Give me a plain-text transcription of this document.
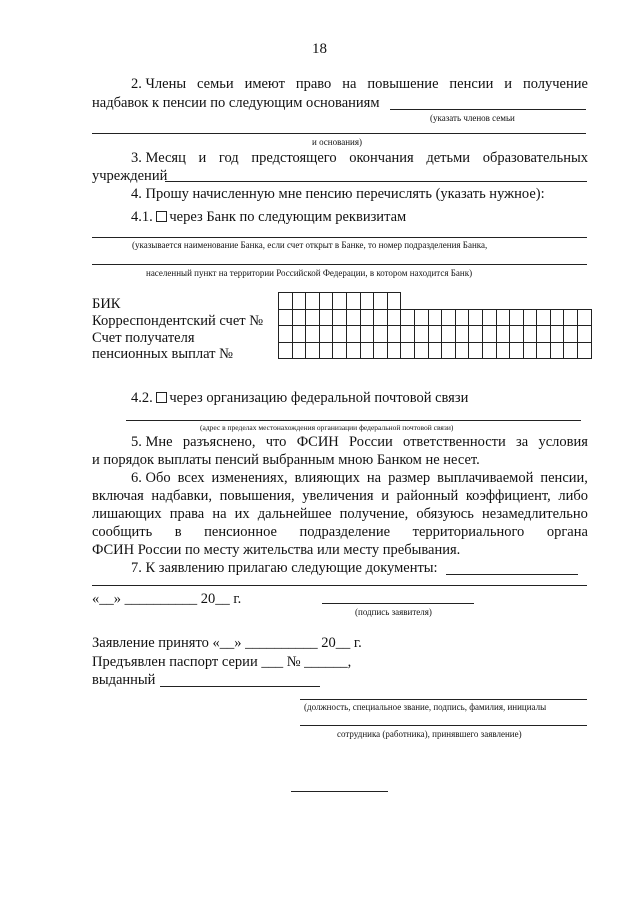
18
2. Члены семьи имеют право на повышение пенсии и получение
надбавок к пенсии по следующим основаниям
(указать членов семьи
и основания)
3. Месяц и год предстоящего окончания детьми образовательных
учреждений
4. Прошу начисленную мне пенсию перечислять (указать нужное):
4.1. через Банк по следующим реквизитам
(указывается наименование Банка, если счет открыт в Банке, то номер подразделения Банка,
населенный пункт на территории Российской Федерации, в котором находится Банк)
БИК
Корреспондентский счет №
Счет получателя
пенсионных выплат №

4.2. через организацию федеральной почтовой связи
(адрес в пределах местонахождения организации федеральной почтовой связи)
5. Мне разъяснено, что ФСИН России ответственности за условия
и порядок выплаты пенсий выбранным мною Банком не несет.
6. Обо всех изменениях, влияющих на размер выплачиваемой пенсии,
включая надбавки, повышения, увеличения и районный коэффициент, либо
лишающих права на их дальнейшее получение, обязуюсь незамедлительно
сообщить в пенсионное подразделение территориального органа
ФСИН России по месту жительства или месту пребывания.
7. К заявлению прилагаю следующие документы:
«__» __________ 20__ г.
(подпись заявителя)
Заявление принято «__» __________ 20__ г.
Предъявлен паспорт серии ___ № ______,
выданный
(должность, специальное звание, подпись, фамилия, инициалы
сотрудника (работника), принявшего заявление)
